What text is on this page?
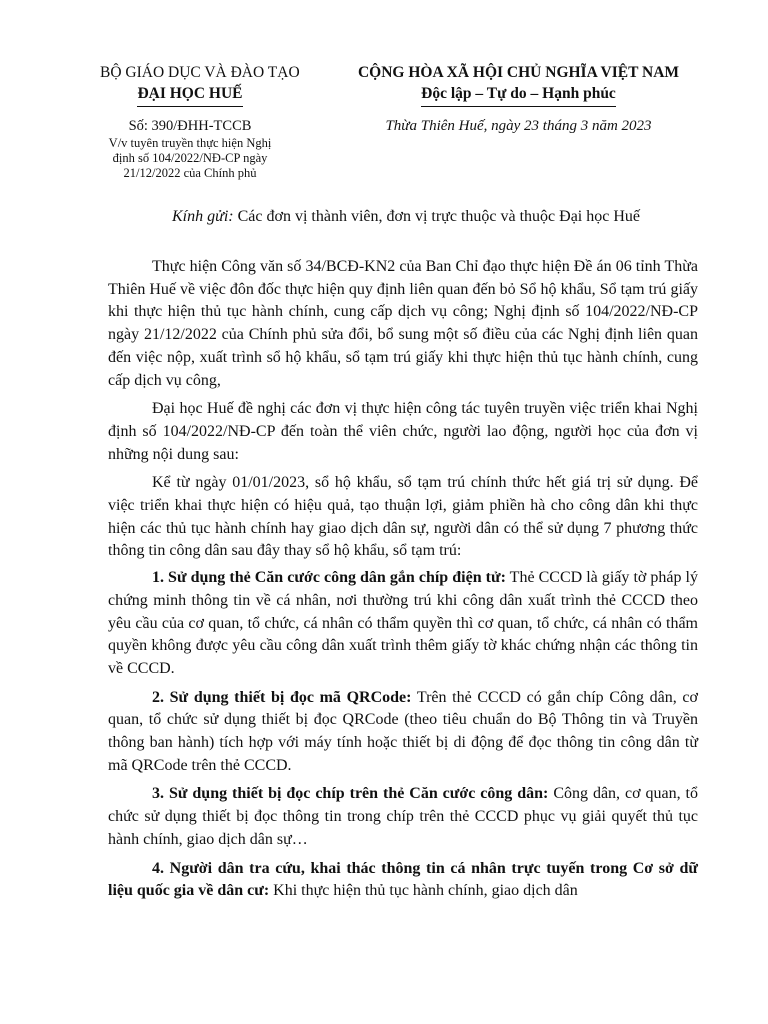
BỘ GIÁO DỤC VÀ ĐÀO TẠO
ĐẠI HỌC HUẾ
CỘNG HÒA XÃ HỘI CHỦ NGHĨA VIỆT NAM
Độc lập – Tự do – Hạnh phúc
Số: 390/ĐHH-TCCB
V/v tuyên truyền thực hiện Nghị định số 104/2022/NĐ-CP ngày 21/12/2022 của Chính phủ
Thừa Thiên Huế, ngày 23 tháng 3 năm 2023
Kính gửi: Các đơn vị thành viên, đơn vị trực thuộc và thuộc Đại học Huế

Thực hiện Công văn số 34/BCĐ-KN2 của Ban Chỉ đạo thực hiện Đề án 06 tỉnh Thừa Thiên Huế về việc đôn đốc thực hiện quy định liên quan đến bỏ Sổ hộ khẩu, Sổ tạm trú giấy khi thực hiện thủ tục hành chính, cung cấp dịch vụ công; Nghị định số 104/2022/NĐ-CP ngày 21/12/2022 của Chính phủ sửa đổi, bổ sung một số điều của các Nghị định liên quan đến việc nộp, xuất trình sổ hộ khẩu, sổ tạm trú giấy khi thực hiện thủ tục hành chính, cung cấp dịch vụ công,

Đại học Huế đề nghị các đơn vị thực hiện công tác tuyên truyền việc triển khai Nghị định số 104/2022/NĐ-CP đến toàn thể viên chức, người lao động, người học của đơn vị những nội dung sau:

Kể từ ngày 01/01/2023, sổ hộ khẩu, sổ tạm trú chính thức hết giá trị sử dụng. Để việc triển khai thực hiện có hiệu quả, tạo thuận lợi, giảm phiền hà cho công dân khi thực hiện các thủ tục hành chính hay giao dịch dân sự, người dân có thể sử dụng 7 phương thức thông tin công dân sau đây thay sổ hộ khẩu, sổ tạm trú:

1. Sử dụng thẻ Căn cước công dân gắn chíp điện tử: Thẻ CCCD là giấy tờ pháp lý chứng minh thông tin về cá nhân, nơi thường trú khi công dân xuất trình thẻ CCCD theo yêu cầu của cơ quan, tổ chức, cá nhân có thẩm quyền thì cơ quan, tổ chức, cá nhân có thẩm quyền không được yêu cầu công dân xuất trình thêm giấy tờ khác chứng nhận các thông tin về CCCD.

2. Sử dụng thiết bị đọc mã QRCode: Trên thẻ CCCD có gắn chíp Công dân, cơ quan, tổ chức sử dụng thiết bị đọc QRCode (theo tiêu chuẩn do Bộ Thông tin và Truyền thông ban hành) tích hợp với máy tính hoặc thiết bị di động để đọc thông tin công dân từ mã QRCode trên thẻ CCCD.

3. Sử dụng thiết bị đọc chíp trên thẻ Căn cước công dân: Công dân, cơ quan, tổ chức sử dụng thiết bị đọc thông tin trong chíp trên thẻ CCCD phục vụ giải quyết thủ tục hành chính, giao dịch dân sự…

4. Người dân tra cứu, khai thác thông tin cá nhân trực tuyến trong Cơ sở dữ liệu quốc gia về dân cư: Khi thực hiện thủ tục hành chính, giao dịch dân
